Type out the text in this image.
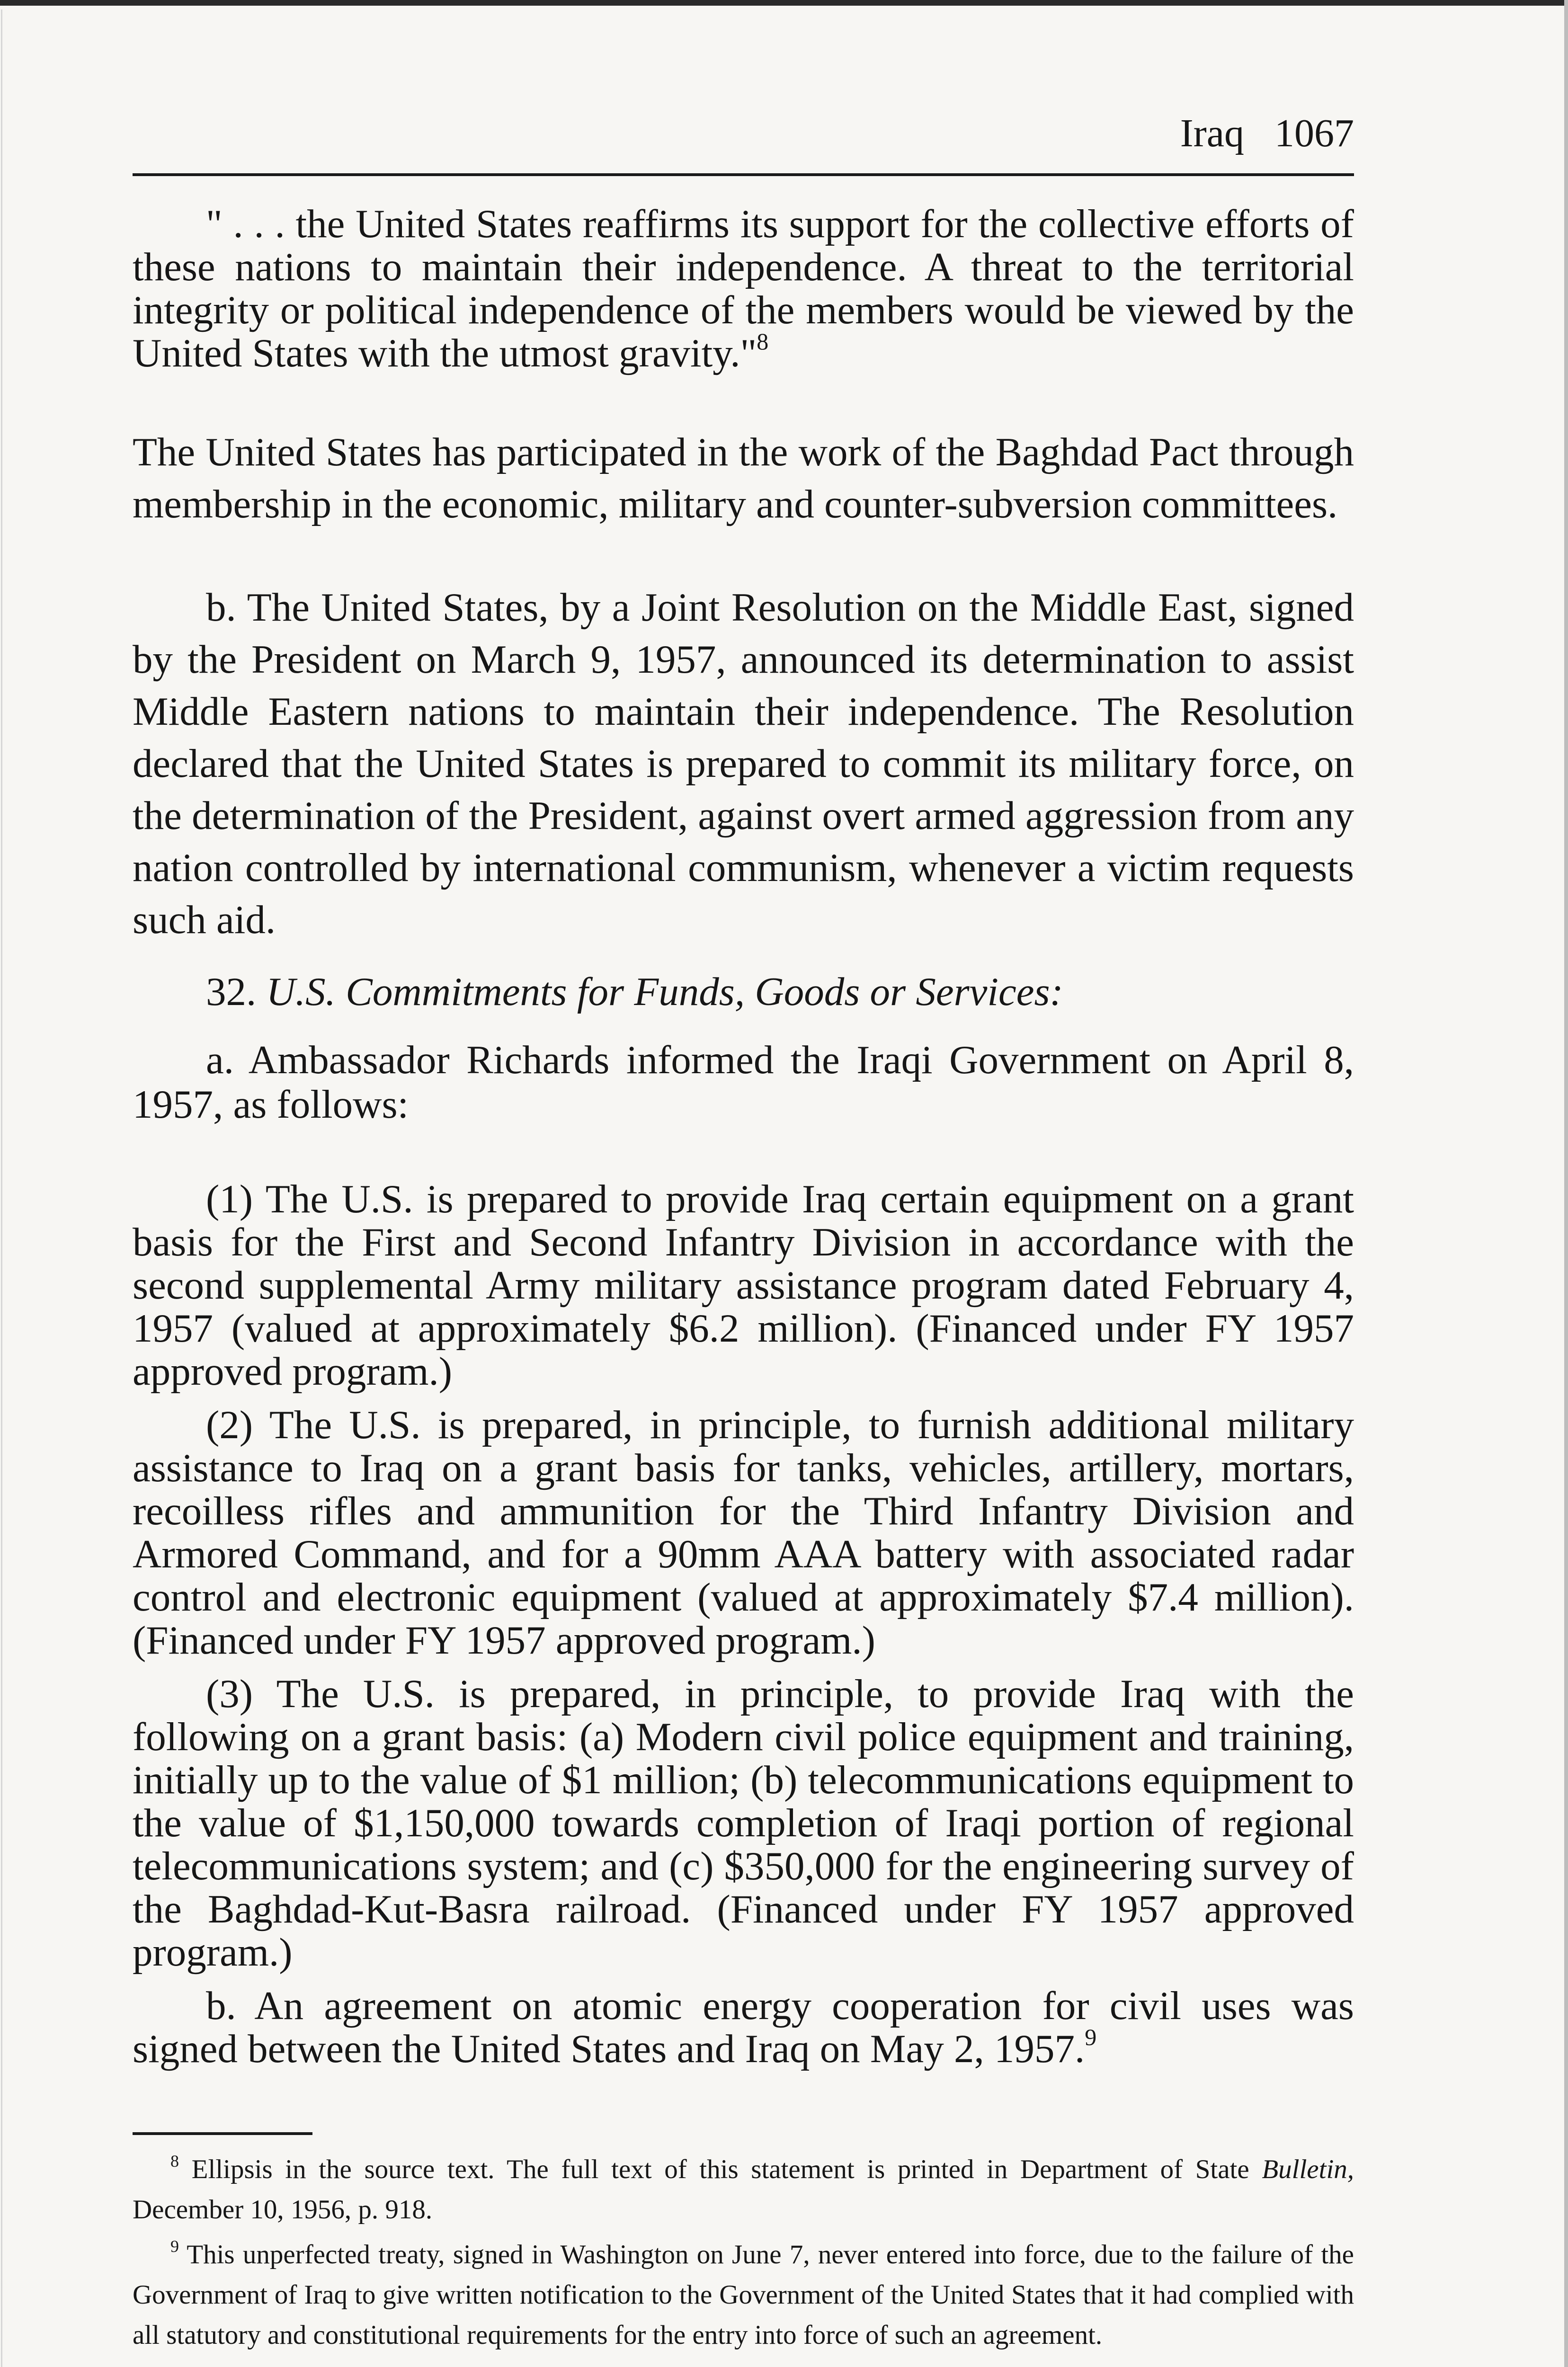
Iraq 1067

" . . . the United States reaffirms its support for the collective efforts of these nations to maintain their independence. A threat to the territorial integrity or political independence of the members would be viewed by the United States with the utmost gravity."$^8$

The United States has participated in the work of the Baghdad Pact through membership in the economic, military and counter-subversion committees.

b. The United States, by a Joint Resolution on the Middle East, signed by the President on March 9, 1957, announced its determination to assist Middle Eastern nations to maintain their independence. The Resolution declared that the United States is prepared to commit its military force, on the determination of the President, against overt armed aggression from any nation controlled by international communism, whenever a victim requests such aid.

32. U.S. Commitments for Funds, Goods or Services:

a. Ambassador Richards informed the Iraqi Government on April 8, 1957, as follows:

(1) The U.S. is prepared to provide Iraq certain equipment on a grant basis for the First and Second Infantry Division in accordance with the second supplemental Army military assistance program dated February 4, 1957 (valued at approximately $6.2 million). (Financed under FY 1957 approved program.)

(2) The U.S. is prepared, in principle, to furnish additional military assistance to Iraq on a grant basis for tanks, vehicles, artillery, mortars, recoilless rifles and ammunition for the Third Infantry Division and Armored Command, and for a 90mm AAA battery with associated radar control and electronic equipment (valued at approximately $7.4 million). (Financed under FY 1957 approved program.)

(3) The U.S. is prepared, in principle, to provide Iraq with the following on a grant basis: (a) Modern civil police equipment and training, initially up to the value of $1 million; (b) telecommunications equipment to the value of $1,150,000 towards completion of Iraqi portion of regional telecommunications system; and (c) $350,000 for the engineering survey of the Baghdad-Kut-Basra railroad. (Financed under FY 1957 approved program.)

b. An agreement on atomic energy cooperation for civil uses was signed between the United States and Iraq on May 2, 1957.$^9$

$^8$ Ellipsis in the source text. The full text of this statement is printed in Department of State Bulletin, December 10, 1956, p. 918.

$^9$ This unperfected treaty, signed in Washington on June 7, never entered into force, due to the failure of the Government of Iraq to give written notification to the Government of the United States that it had complied with all statutory and constitutional requirements for the entry into force of such an agreement.
